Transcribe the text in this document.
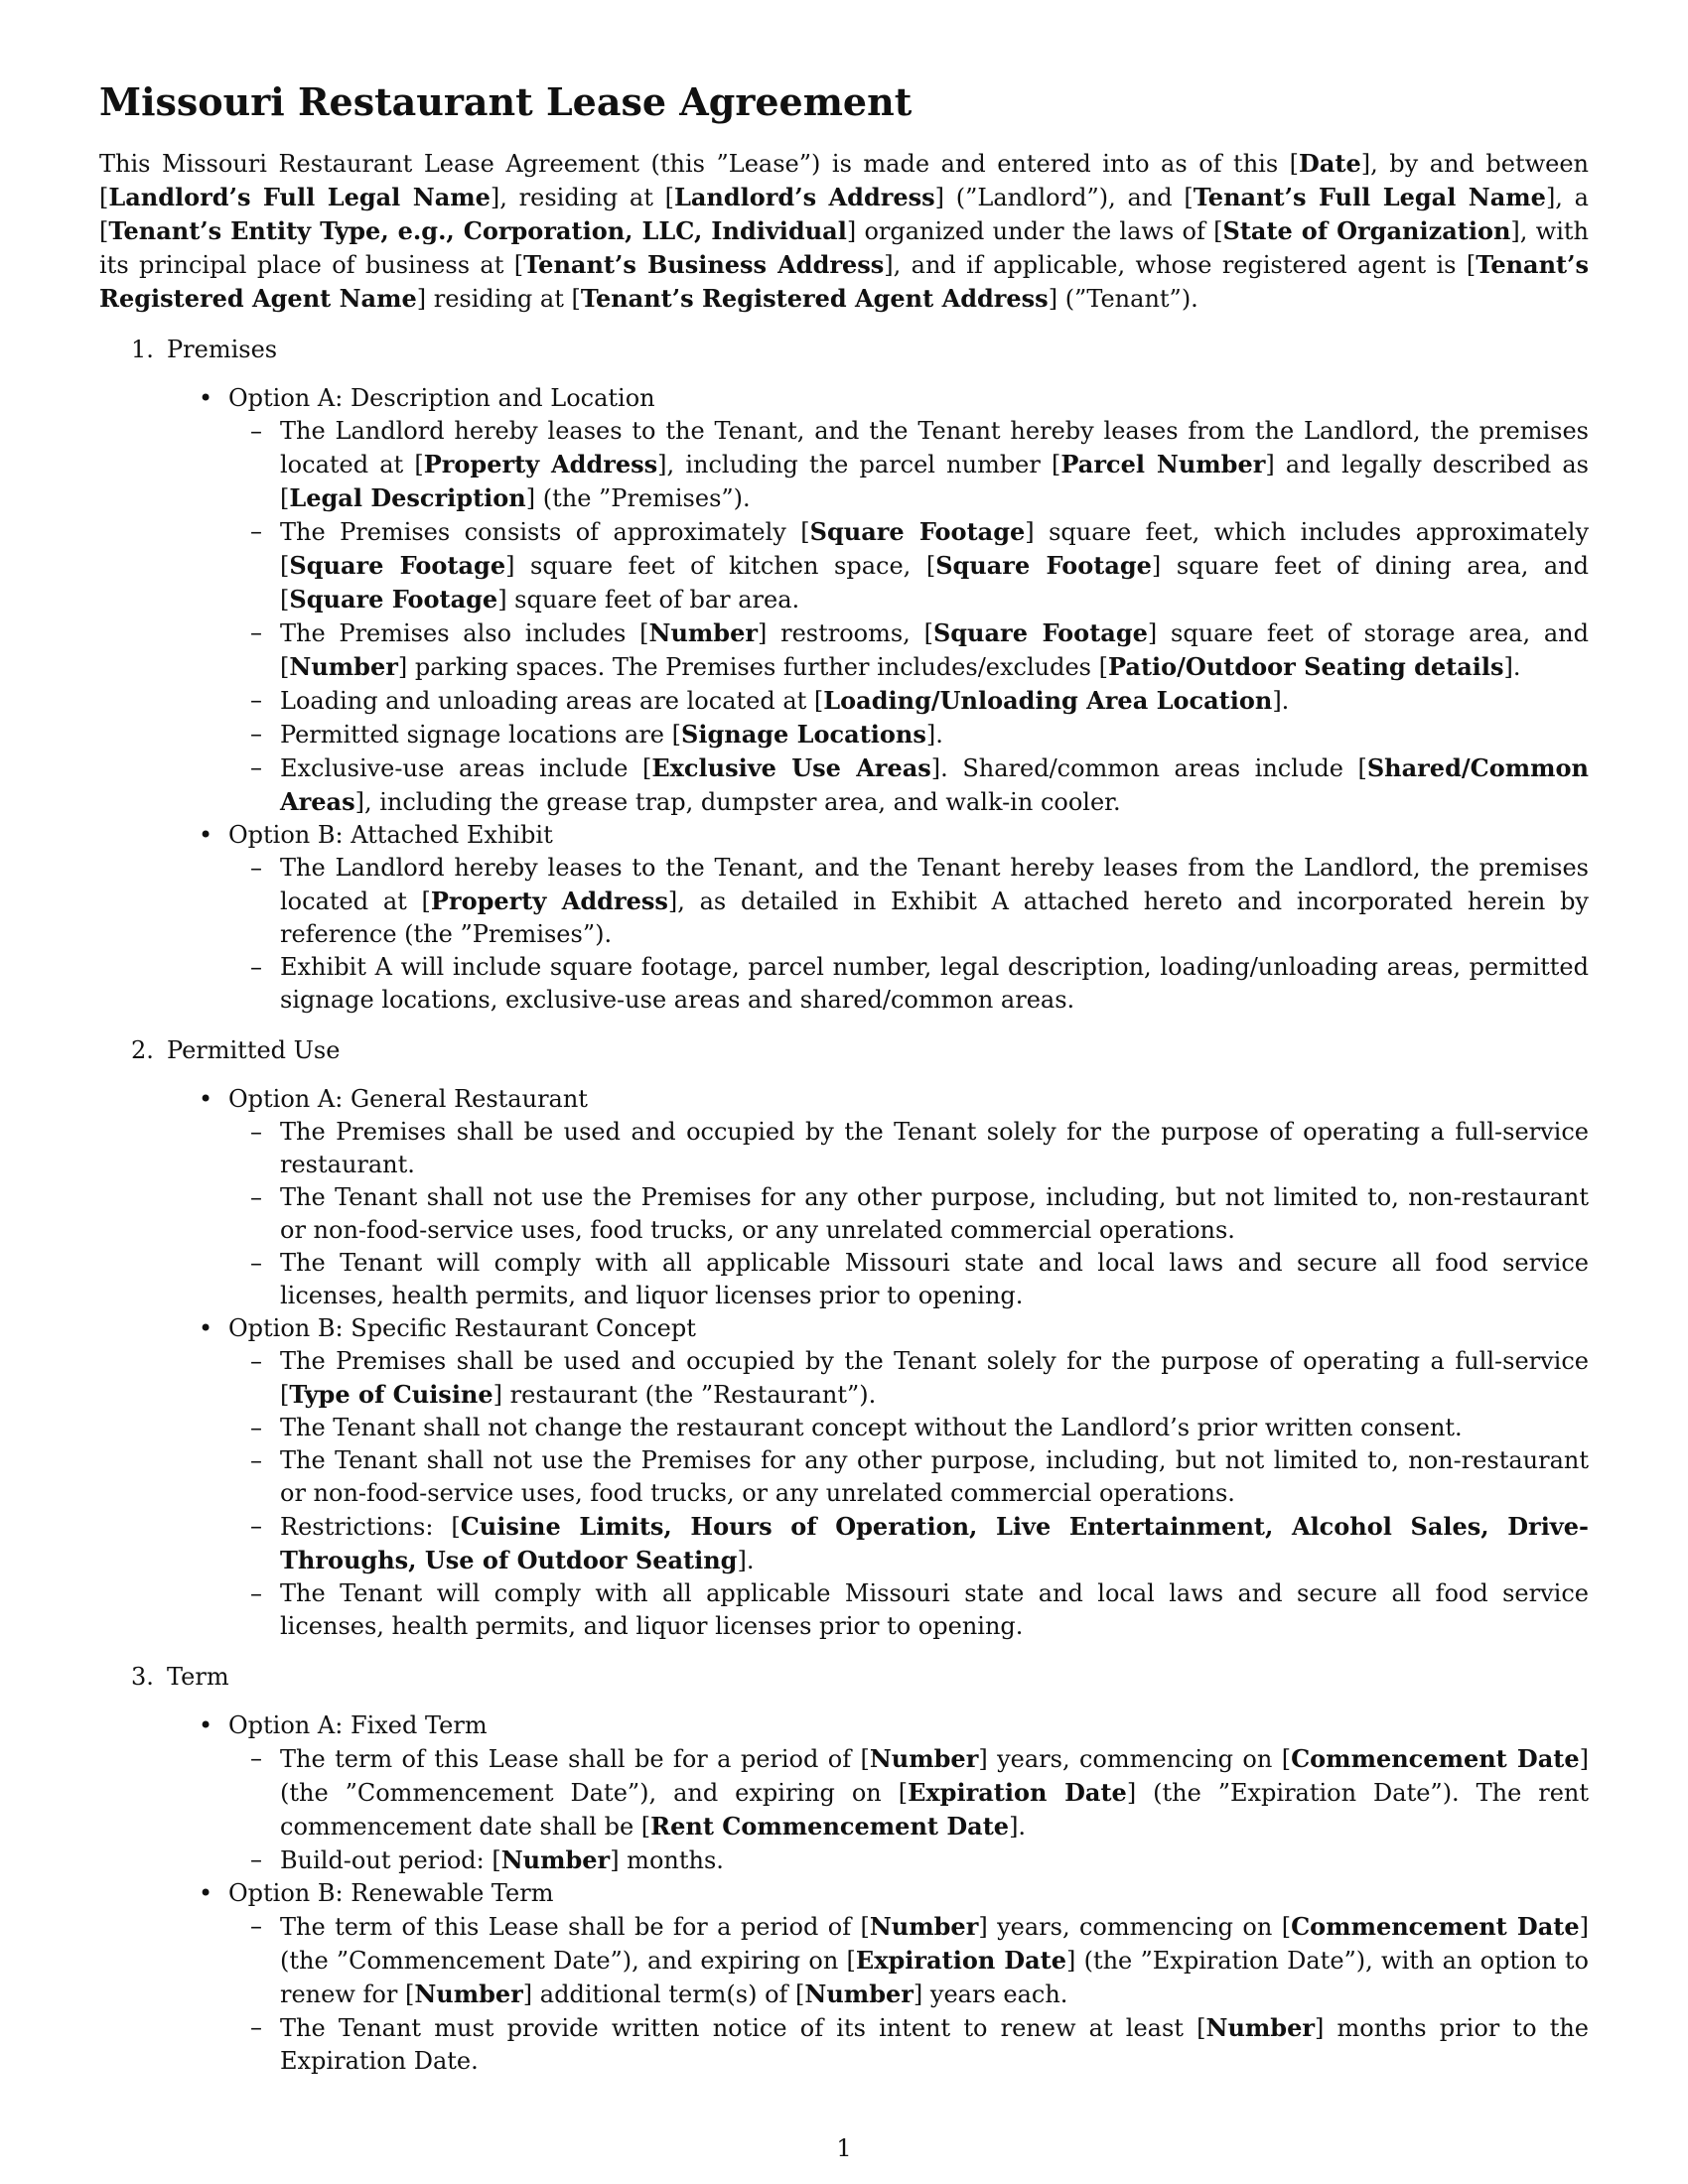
Missouri Restaurant Lease Agreement

This Missouri Restaurant Lease Agreement (this ”Lease”) is made and entered into as of this [Date], by and between [Landlord’s Full Legal Name], residing at [Landlord’s Address] (”Landlord”), and [Tenant’s Full Legal Name], a [Tenant’s Entity Type, e.g., Corporation, LLC, Individual] organized under the laws of [State of Organization], with its principal place of business at [Tenant’s Business Address], and if applicable, whose registered agent is [Tenant’s Registered Agent Name] residing at [Tenant’s Registered Agent Address] (”Tenant”).

1. Premises

• Option A: Description and Location

– The Landlord hereby leases to the Tenant, and the Tenant hereby leases from the Landlord, the premises located at [Property Address], including the parcel number [Parcel Number] and legally described as [Legal Description] (the ”Premises”).

– The Premises consists of approximately [Square Footage] square feet, which includes approximately [Square Footage] square feet of kitchen space, [Square Footage] square feet of dining area, and [Square Footage] square feet of bar area.

– The Premises also includes [Number] restrooms, [Square Footage] square feet of storage area, and [Number] parking spaces. The Premises further includes/excludes [Patio/Outdoor Seating details].

– Loading and unloading areas are located at [Loading/Unloading Area Location].

– Permitted signage locations are [Signage Locations].

– Exclusive-use areas include [Exclusive Use Areas]. Shared/common areas include [Shared/Common Areas], including the grease trap, dumpster area, and walk-in cooler.

• Option B: Attached Exhibit

– The Landlord hereby leases to the Tenant, and the Tenant hereby leases from the Landlord, the premises located at [Property Address], as detailed in Exhibit A attached hereto and incorporated herein by reference (the ”Premises”).

– Exhibit A will include square footage, parcel number, legal description, loading/unloading areas, permitted signage locations, exclusive-use areas and shared/common areas.

2. Permitted Use

• Option A: General Restaurant

– The Premises shall be used and occupied by the Tenant solely for the purpose of operating a full-service restaurant.

– The Tenant shall not use the Premises for any other purpose, including, but not limited to, non-restaurant or non-food-service uses, food trucks, or any unrelated commercial operations.

– The Tenant will comply with all applicable Missouri state and local laws and secure all food service licenses, health permits, and liquor licenses prior to opening.

• Option B: Specific Restaurant Concept

– The Premises shall be used and occupied by the Tenant solely for the purpose of operating a full-service [Type of Cuisine] restaurant (the ”Restaurant”).

– The Tenant shall not change the restaurant concept without the Landlord’s prior written consent.

– The Tenant shall not use the Premises for any other purpose, including, but not limited to, non-restaurant or non-food-service uses, food trucks, or any unrelated commercial operations.

– Restrictions: [Cuisine Limits, Hours of Operation, Live Entertainment, Alcohol Sales, Drive-Throughs, Use of Outdoor Seating].

– The Tenant will comply with all applicable Missouri state and local laws and secure all food service licenses, health permits, and liquor licenses prior to opening.

3. Term

• Option A: Fixed Term

– The term of this Lease shall be for a period of [Number] years, commencing on [Commencement Date] (the ”Commencement Date”), and expiring on [Expiration Date] (the ”Expiration Date”). The rent commencement date shall be [Rent Commencement Date].

– Build-out period: [Number] months.

• Option B: Renewable Term

– The term of this Lease shall be for a period of [Number] years, commencing on [Commencement Date] (the ”Commencement Date”), and expiring on [Expiration Date] (the ”Expiration Date”), with an option to renew for [Number] additional term(s) of [Number] years each.

– The Tenant must provide written notice of its intent to renew at least [Number] months prior to the Expiration Date.

1
